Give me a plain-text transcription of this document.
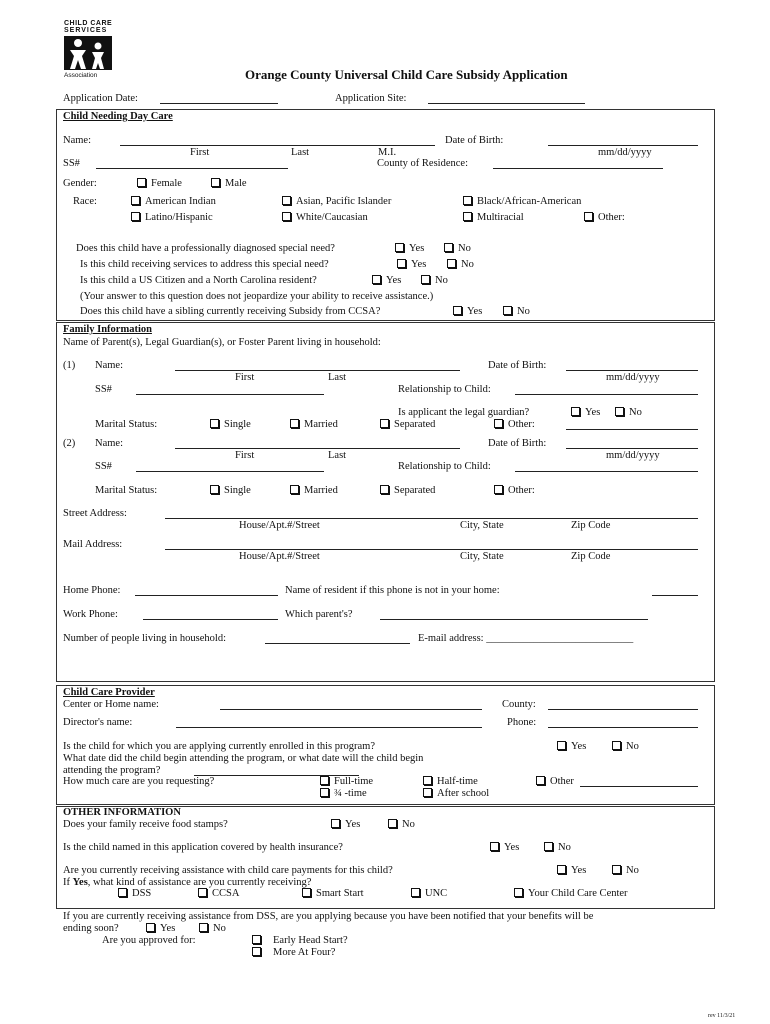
CHILD CARE
SERVICES
Association	Orange County Universal Child Care Subsidy Application
Application Date:	Application Site:
Child Needing Day Care
Name:
First	Last	M.I.
Date of Birth:
mm/dd/yyyy
SS#	County of Residence:
Gender:	Female	Male
Race:	American Indian	Asian, Pacific Islander	Black/African-American
Latino/Hispanic	White/Caucasian	Multiracial	Other:
Does this child have a professionally diagnosed special need?	Yes	No
Is this child receiving services to address this special need?	Yes	No
Is this child a US Citizen and a North Carolina resident?	Yes	No
(Your answer to this question does not jeopardize your ability to receive assistance.)
Does this child have a sibling currently receiving Subsidy from CCSA?	Yes	No
Family Information
Name of Parent(s), Legal Guardian(s), or Foster Parent living in household:
(1) Name:
First	Last
Date of Birth:
mm/dd/yyyy
SS#	Relationship to Child:
Is applicant the legal guardian?	Yes	No
Marital Status:	Single	Married	Separated	Other:
(2) Name:
First	Last
Date of Birth:
mm/dd/yyyy
SS#	Relationship to Child:
Marital Status:	Single	Married	Separated	Other:
Street Address:
House/Apt.#/Street	City, State	Zip Code
Mail Address:
House/Apt.#/Street	City, State	Zip Code
Home Phone:	Name of resident if this phone is not in your home:
Work Phone:	Which parent's?
Number of people living in household:	E-mail address: ____________________________
Child Care Provider
Center or Home name:	County:
Director's name:	Phone:
Is the child for which you are applying currently enrolled in this program?	Yes	No
What date did the child begin attending the program, or what date will the child begin
attending the program?
How much care are you requesting?	Full-time	Half-time	Other
¾ -time	After school
OTHER INFORMATION
Does your family receive food stamps?	Yes	No
Is the child named in this application covered by health insurance?	Yes	No
Are you currently receiving assistance with child care payments for this child?	Yes	No
If Yes, what kind of assistance are you currently receiving?
DSS	CCSA	Smart Start	UNC	Your Child Care Center
If you are currently receiving assistance from DSS, are you applying because you have been notified that your benefits will be
ending soon?	Yes	No
Are you approved for:	Early Head Start?
More At Four?
rev 11/3/21
